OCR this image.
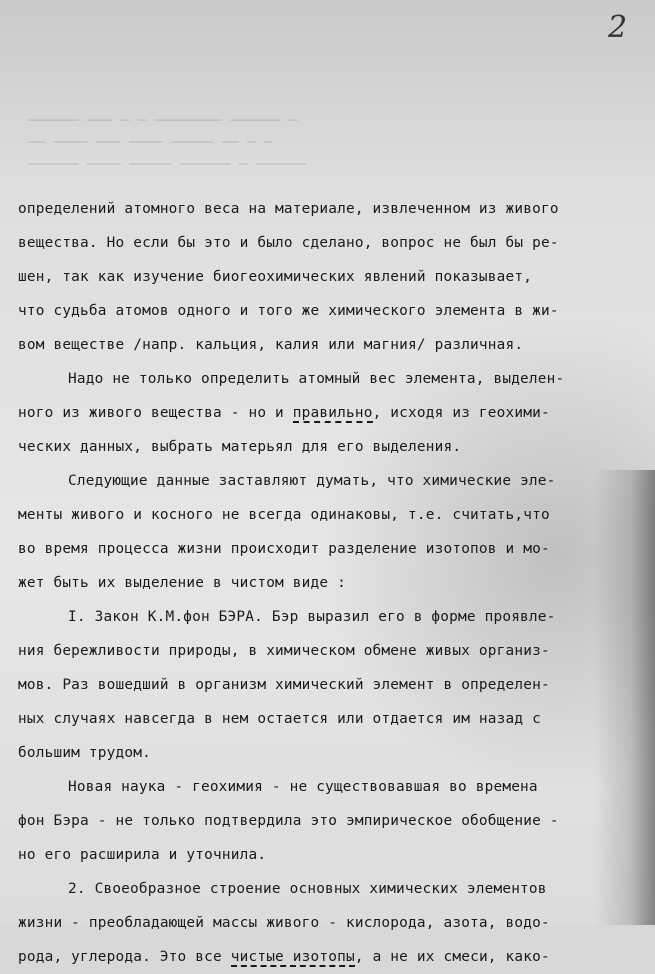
────── ─── ─ ─ ──────── ────── ─
── ──── ─── ──── ───── ── ─ ─
────── ──── ───── ────── ─ ──────
2
определений атомного веса на материале, извлеченном из живого
вещества. Но если бы это и было сделано, вопрос не был бы ре-
шен, так как изучение биогеохимических явлений показывает,
что судьба атомов одного и того же химического элемента в жи-
вом веществе /напр. кальция, калия или магния/ различная.
Надо не только определить атомный вес элемента, выделен-
ного из живого вещества - но и правильно, исходя из геохими-
ческих данных, выбрать матерьял для его выделения.
Следующие данные заставляют думать, что химические эле-
менты живого и косного не всегда одинаковы, т.е. считать,что
во время процесса жизни происходит разделение изотопов и мо-
жет быть их выделение в чистом виде :
I. Закон К.М.фон БЭРА. Бэр выразил его в форме проявле-
ния бережливости природы, в химическом обмене живых организ-
мов. Раз вошедший в организм химический элемент в определен-
ных случаях навсегда в нем остается или отдается им назад с
большим трудом.
Новая наука - геохимия - не существовавшая во времена
фон Бэра - не только подтвердила это эмпирическое обобщение -
но его расширила и уточнила.
2. Своеобразное строение основных химических элементов
жизни - преобладающей массы живого - кислорода, азота, водо-
рода, углерода. Это все чистые изотопы, а не их смеси, како-
